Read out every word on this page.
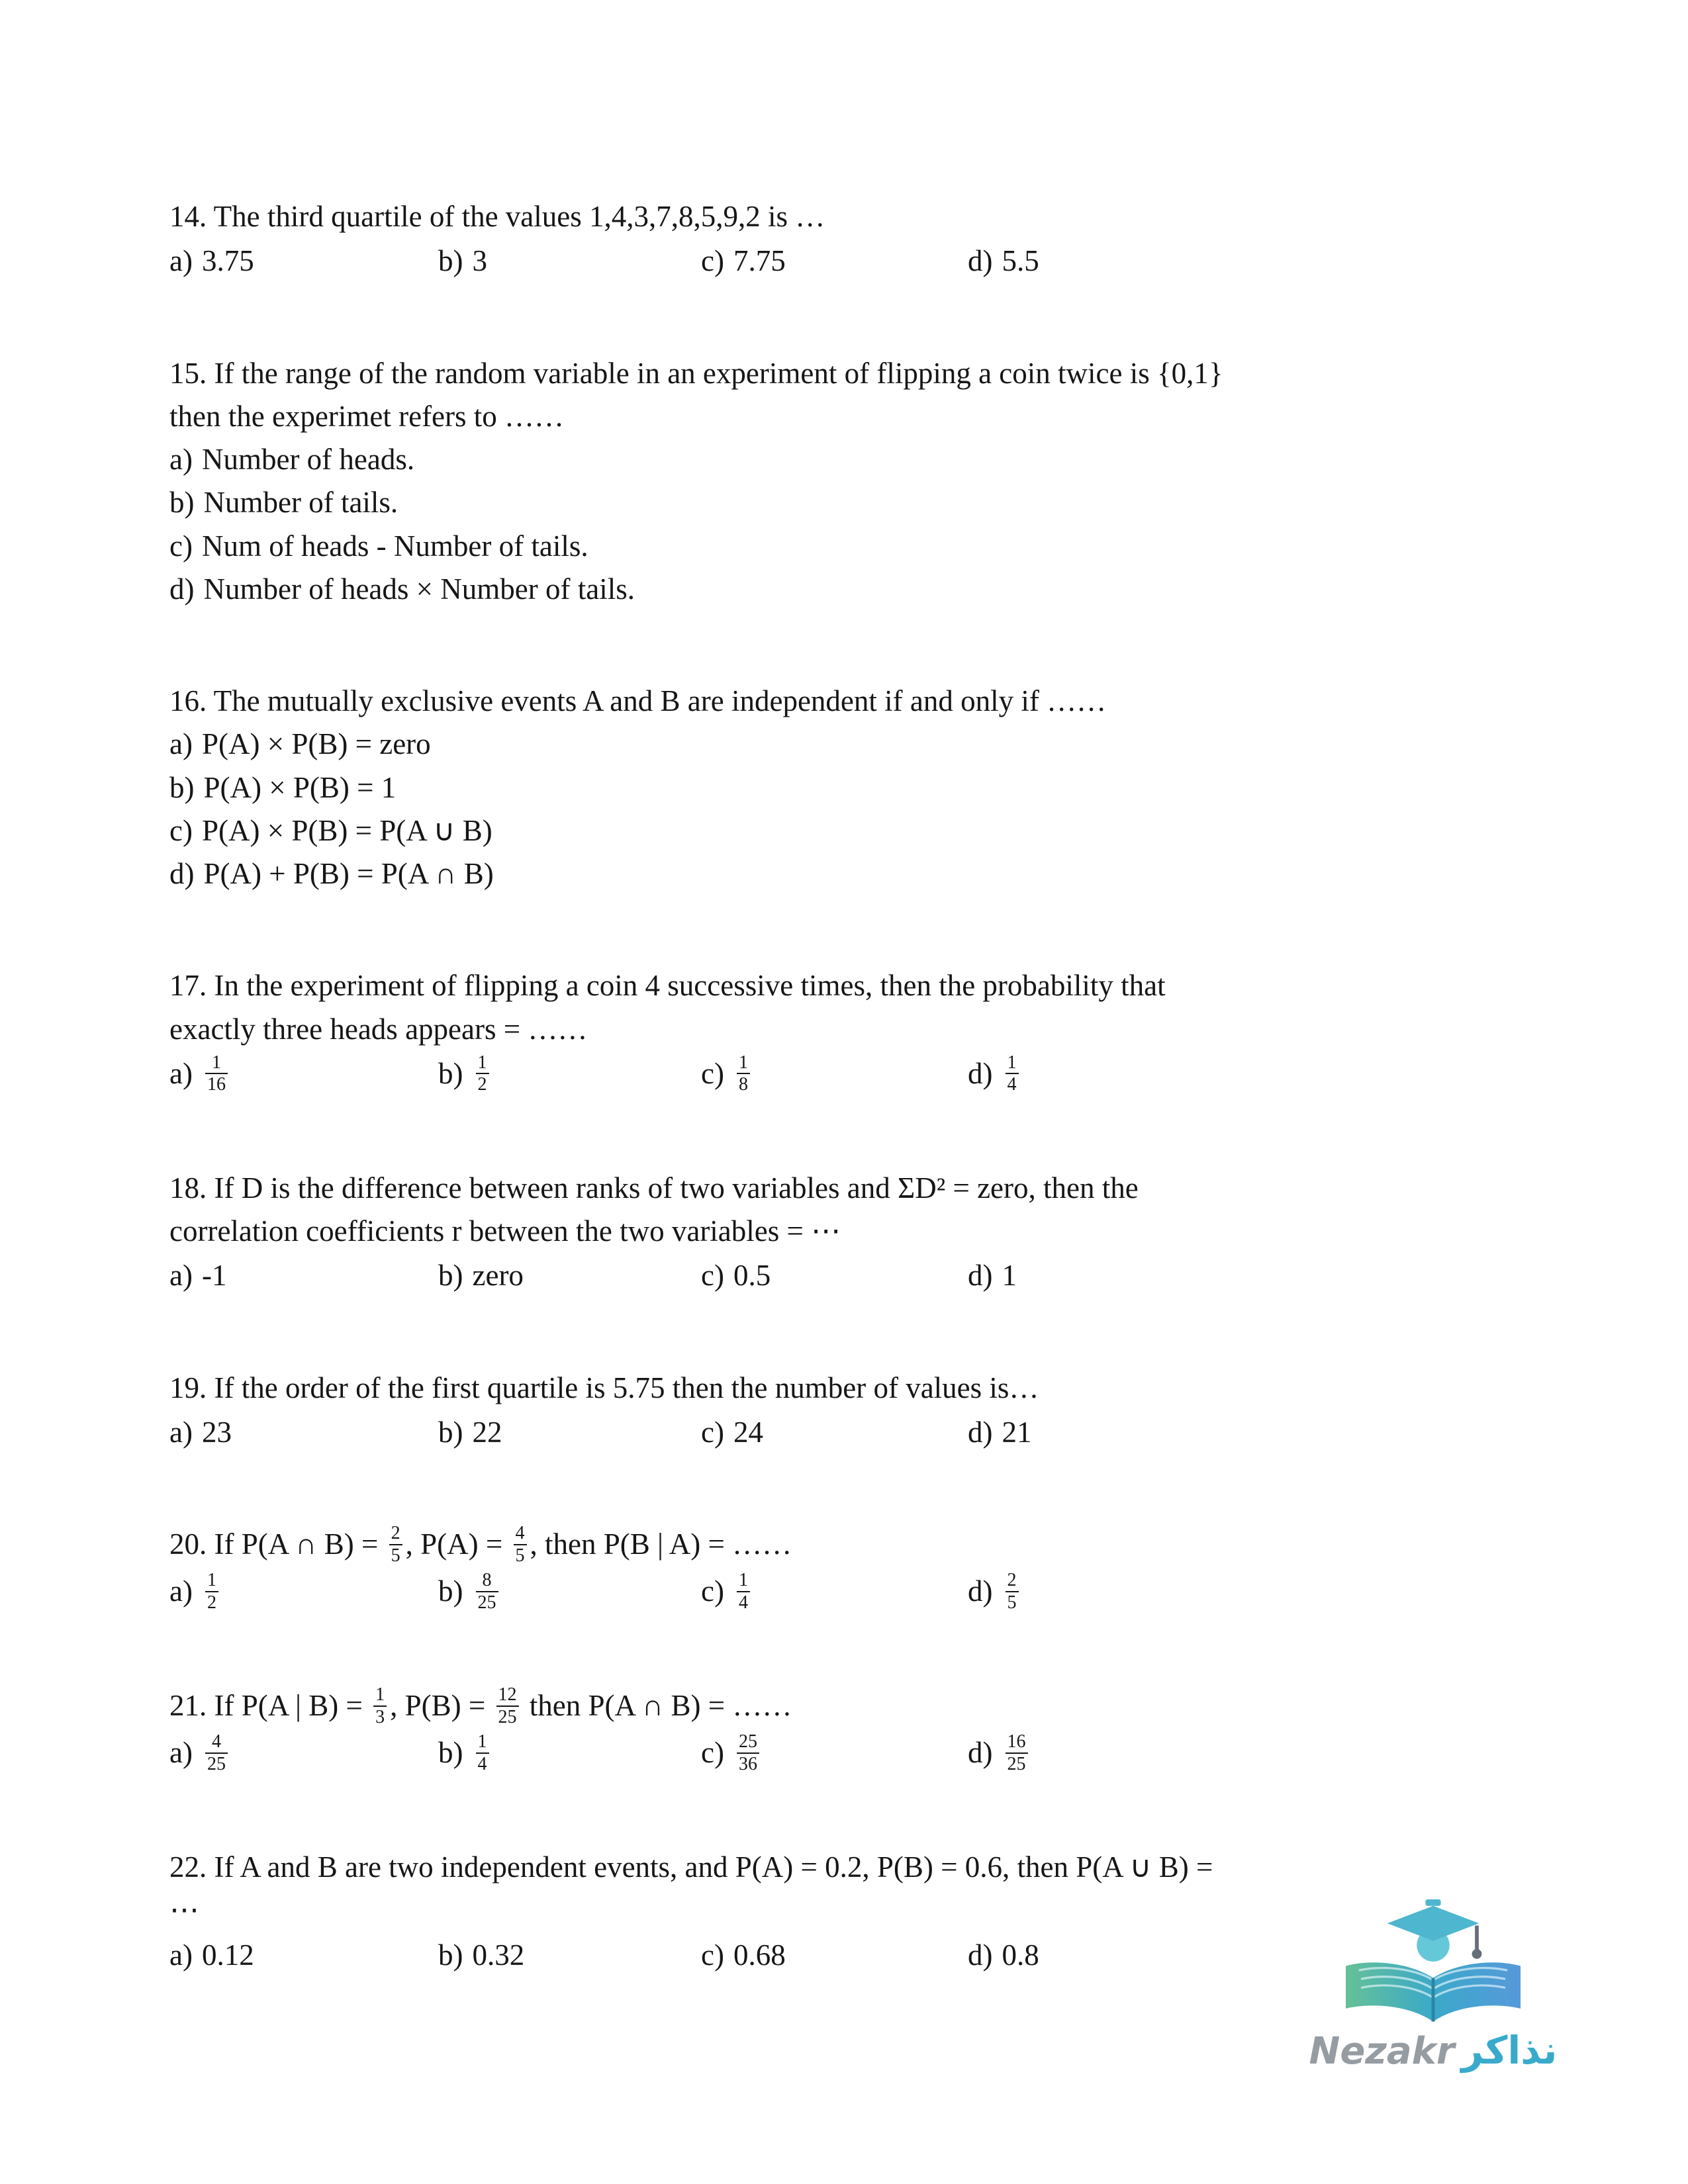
14. The third quartile of the values 1,4,3,7,8,5,9,2 is …
a) 3.75	b) 3	c) 7.75	d) 5.5
15. If the range of the random variable in an experiment of flipping a coin twice is {0,1}
then the experimet refers to ……
a) Number of heads.
b) Number of tails.
c) Num of heads - Number of tails.
d) Number of heads × Number of tails.
16. The mutually exclusive events A and B are independent if and only if ……
a) P(A) × P(B) = zero
b) P(A) × P(B) = 1
c) P(A) × P(B) = P(A ∪ B)
d) P(A) + P(B) = P(A ∩ B)
17. In the experiment of flipping a coin 4 successive times, then the probability that
exactly three heads appears = ……
$a) \frac{1}{16}$	$b) \frac{1}{2}$	$c) \frac{1}{8}$	$d) \frac{1}{4}$
18. If D is the difference between ranks of two variables and ΣD² = zero, then the
correlation coefficients r between the two variables = ⋯
a) -1	b) zero	c) 0.5	d) 1
19. If the order of the first quartile is 5.75 then the number of values is…
a) 23	b) 22	c) 24	d) 21
20. If P(A ∩ $B) = \frac{2}{5}$ , $P(A) = \frac{4}{5}$ , then P(B | A) = ……
$a) \frac{1}{2}$	$b) \frac{8}{25}$	$c) \frac{1}{4}$	$d) \frac{2}{5}$
21. If P(A | $B) = \frac{1}{3}$ , $P(B) = \frac{12}{25}$ then P(A ∩ B) = ……
$a) \frac{4}{25}$	$b) \frac{1}{4}$	$c) \frac{25}{36}$	$d) \frac{16}{25}$
22. If A and B are two independent events, and P(A) = 0.2, P(B) = 0.6, then P(A ∪ B) =
⋯
a) 0.12	b) 0.32	c) 0.68	d) 0.8
Nezakr نذاكر
